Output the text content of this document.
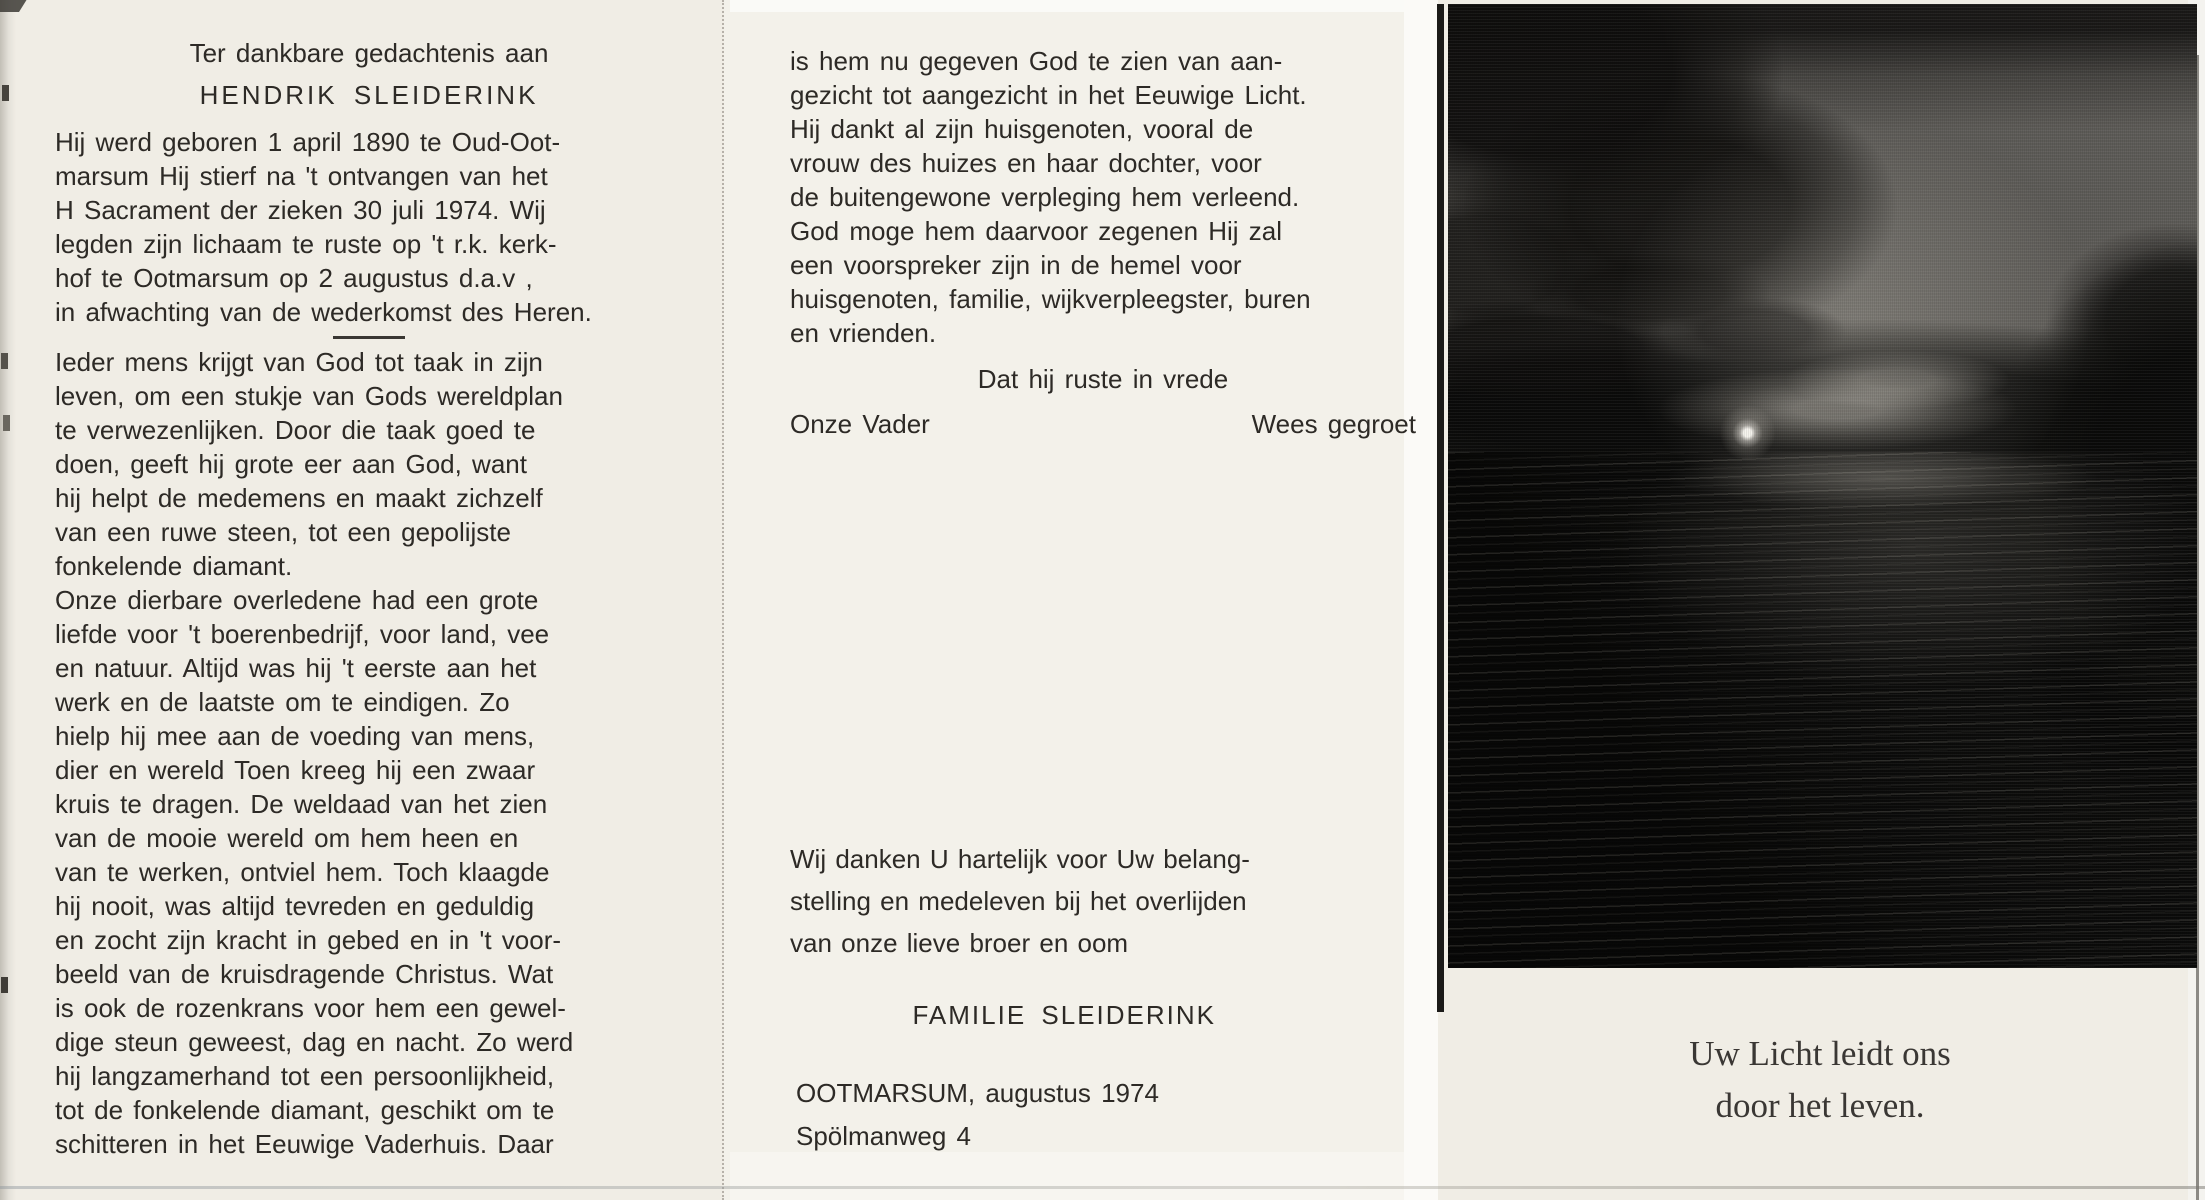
Ter dankbare gedachtenis aan
HENDRIK SLEIDERINK
Hij werd geboren 1 april 1890 te Oud-Oot-
marsum Hij stierf na 't ontvangen van het
H Sacrament der zieken 30 juli 1974. Wij
legden zijn lichaam te ruste op 't r.k. kerk-
hof te Ootmarsum op 2 augustus d.a.v ,
in afwachting van de wederkomst des Heren.
Ieder mens krijgt van God tot taak in zijn
leven, om een stukje van Gods wereldplan
te verwezenlijken. Door die taak goed te
doen, geeft hij grote eer aan God, want
hij helpt de medemens en maakt zichzelf
van een ruwe steen, tot een gepolijste
fonkelende diamant.
Onze dierbare overledene had een grote
liefde voor 't boerenbedrijf, voor land, vee
en natuur. Altijd was hij 't eerste aan het
werk en de laatste om te eindigen. Zo
hielp hij mee aan de voeding van mens,
dier en wereld Toen kreeg hij een zwaar
kruis te dragen. De weldaad van het zien
van de mooie wereld om hem heen en
van te werken, ontviel hem. Toch klaagde
hij nooit, was altijd tevreden en geduldig
en zocht zijn kracht in gebed en in 't voor-
beeld van de kruisdragende Christus. Wat
is ook de rozenkrans voor hem een gewel-
dige steun geweest, dag en nacht. Zo werd
hij langzamerhand tot een persoonlijkheid,
tot de fonkelende diamant, geschikt om te
schitteren in het Eeuwige Vaderhuis. Daar
is hem nu gegeven God te zien van aan-
gezicht tot aangezicht in het Eeuwige Licht.
Hij dankt al zijn huisgenoten, vooral de
vrouw des huizes en haar dochter, voor
de buitengewone verpleging hem verleend.
God moge hem daarvoor zegenen Hij zal
een voorspreker zijn in de hemel voor
huisgenoten, familie, wijkverpleegster, buren
en vrienden.
Dat hij ruste in vrede
Onze Vader	Wees gegroet
Wij danken U hartelijk voor Uw belang-
stelling en medeleven bij het overlijden
van onze lieve broer en oom
FAMILIE SLEIDERINK
OOTMARSUM, augustus 1974
Spölmanweg 4
Uw Licht leidt ons
door het leven.
